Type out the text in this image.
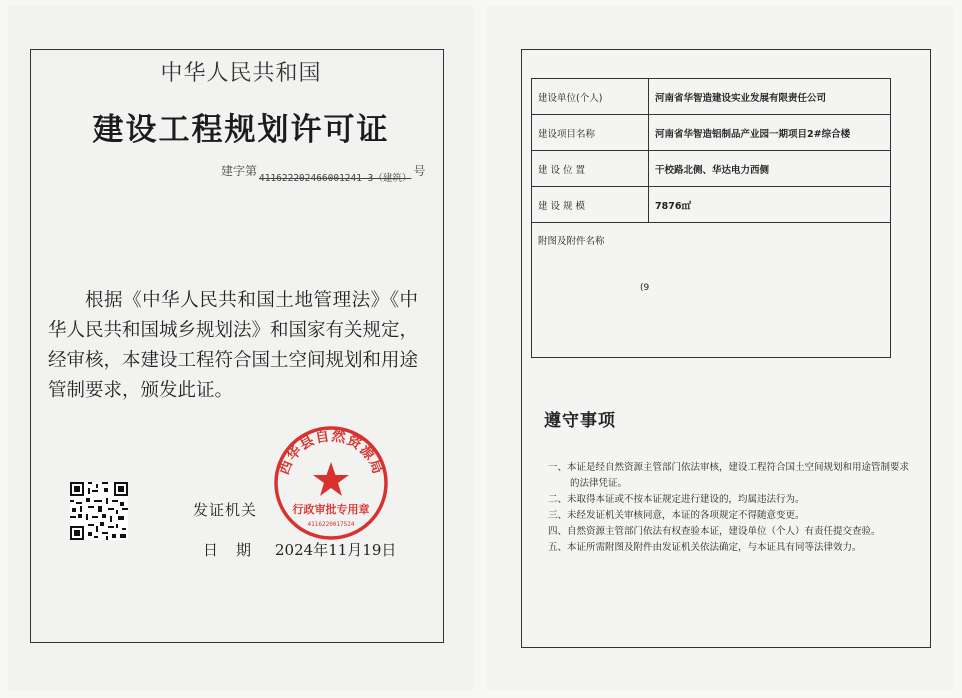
中华人民共和国
建设工程规划许可证
建字第$_{411622202466001241 3(建筑)}$号
根据《中华人民共和国土地管理法》《中华人民共和国城乡规划法》和国家有关规定，经审核，本建设工程符合国土空间规划和用途管制要求，颁发此证。
发证机关
日期 2024年11月19日
西华县自然资源局
行政审批专用章
4116220017524
建设单位(个人)	河南省华智造建设实业发展有限责任公司
建设项目名称	河南省华智造铝制品产业园一期项目2#综合楼
建 设 位 置	干校路北侧、华达电力西侧
建 设 规 模	7876㎡
附图及附件名称
(9	
遵守事项
一、本证是经自然资源主管部门依法审核，建设工程符合国土空间规划和用途管制要求的法律凭证。
二、未取得本证或不按本证规定进行建设的，均属违法行为。
三、未经发证机关审核同意，本证的各项规定不得随意变更。
四、自然资源主管部门依法有权查验本证，建设单位（个人）有责任提交查验。
五、本证所需附图及附件由发证机关依法确定，与本证具有同等法律效力。
